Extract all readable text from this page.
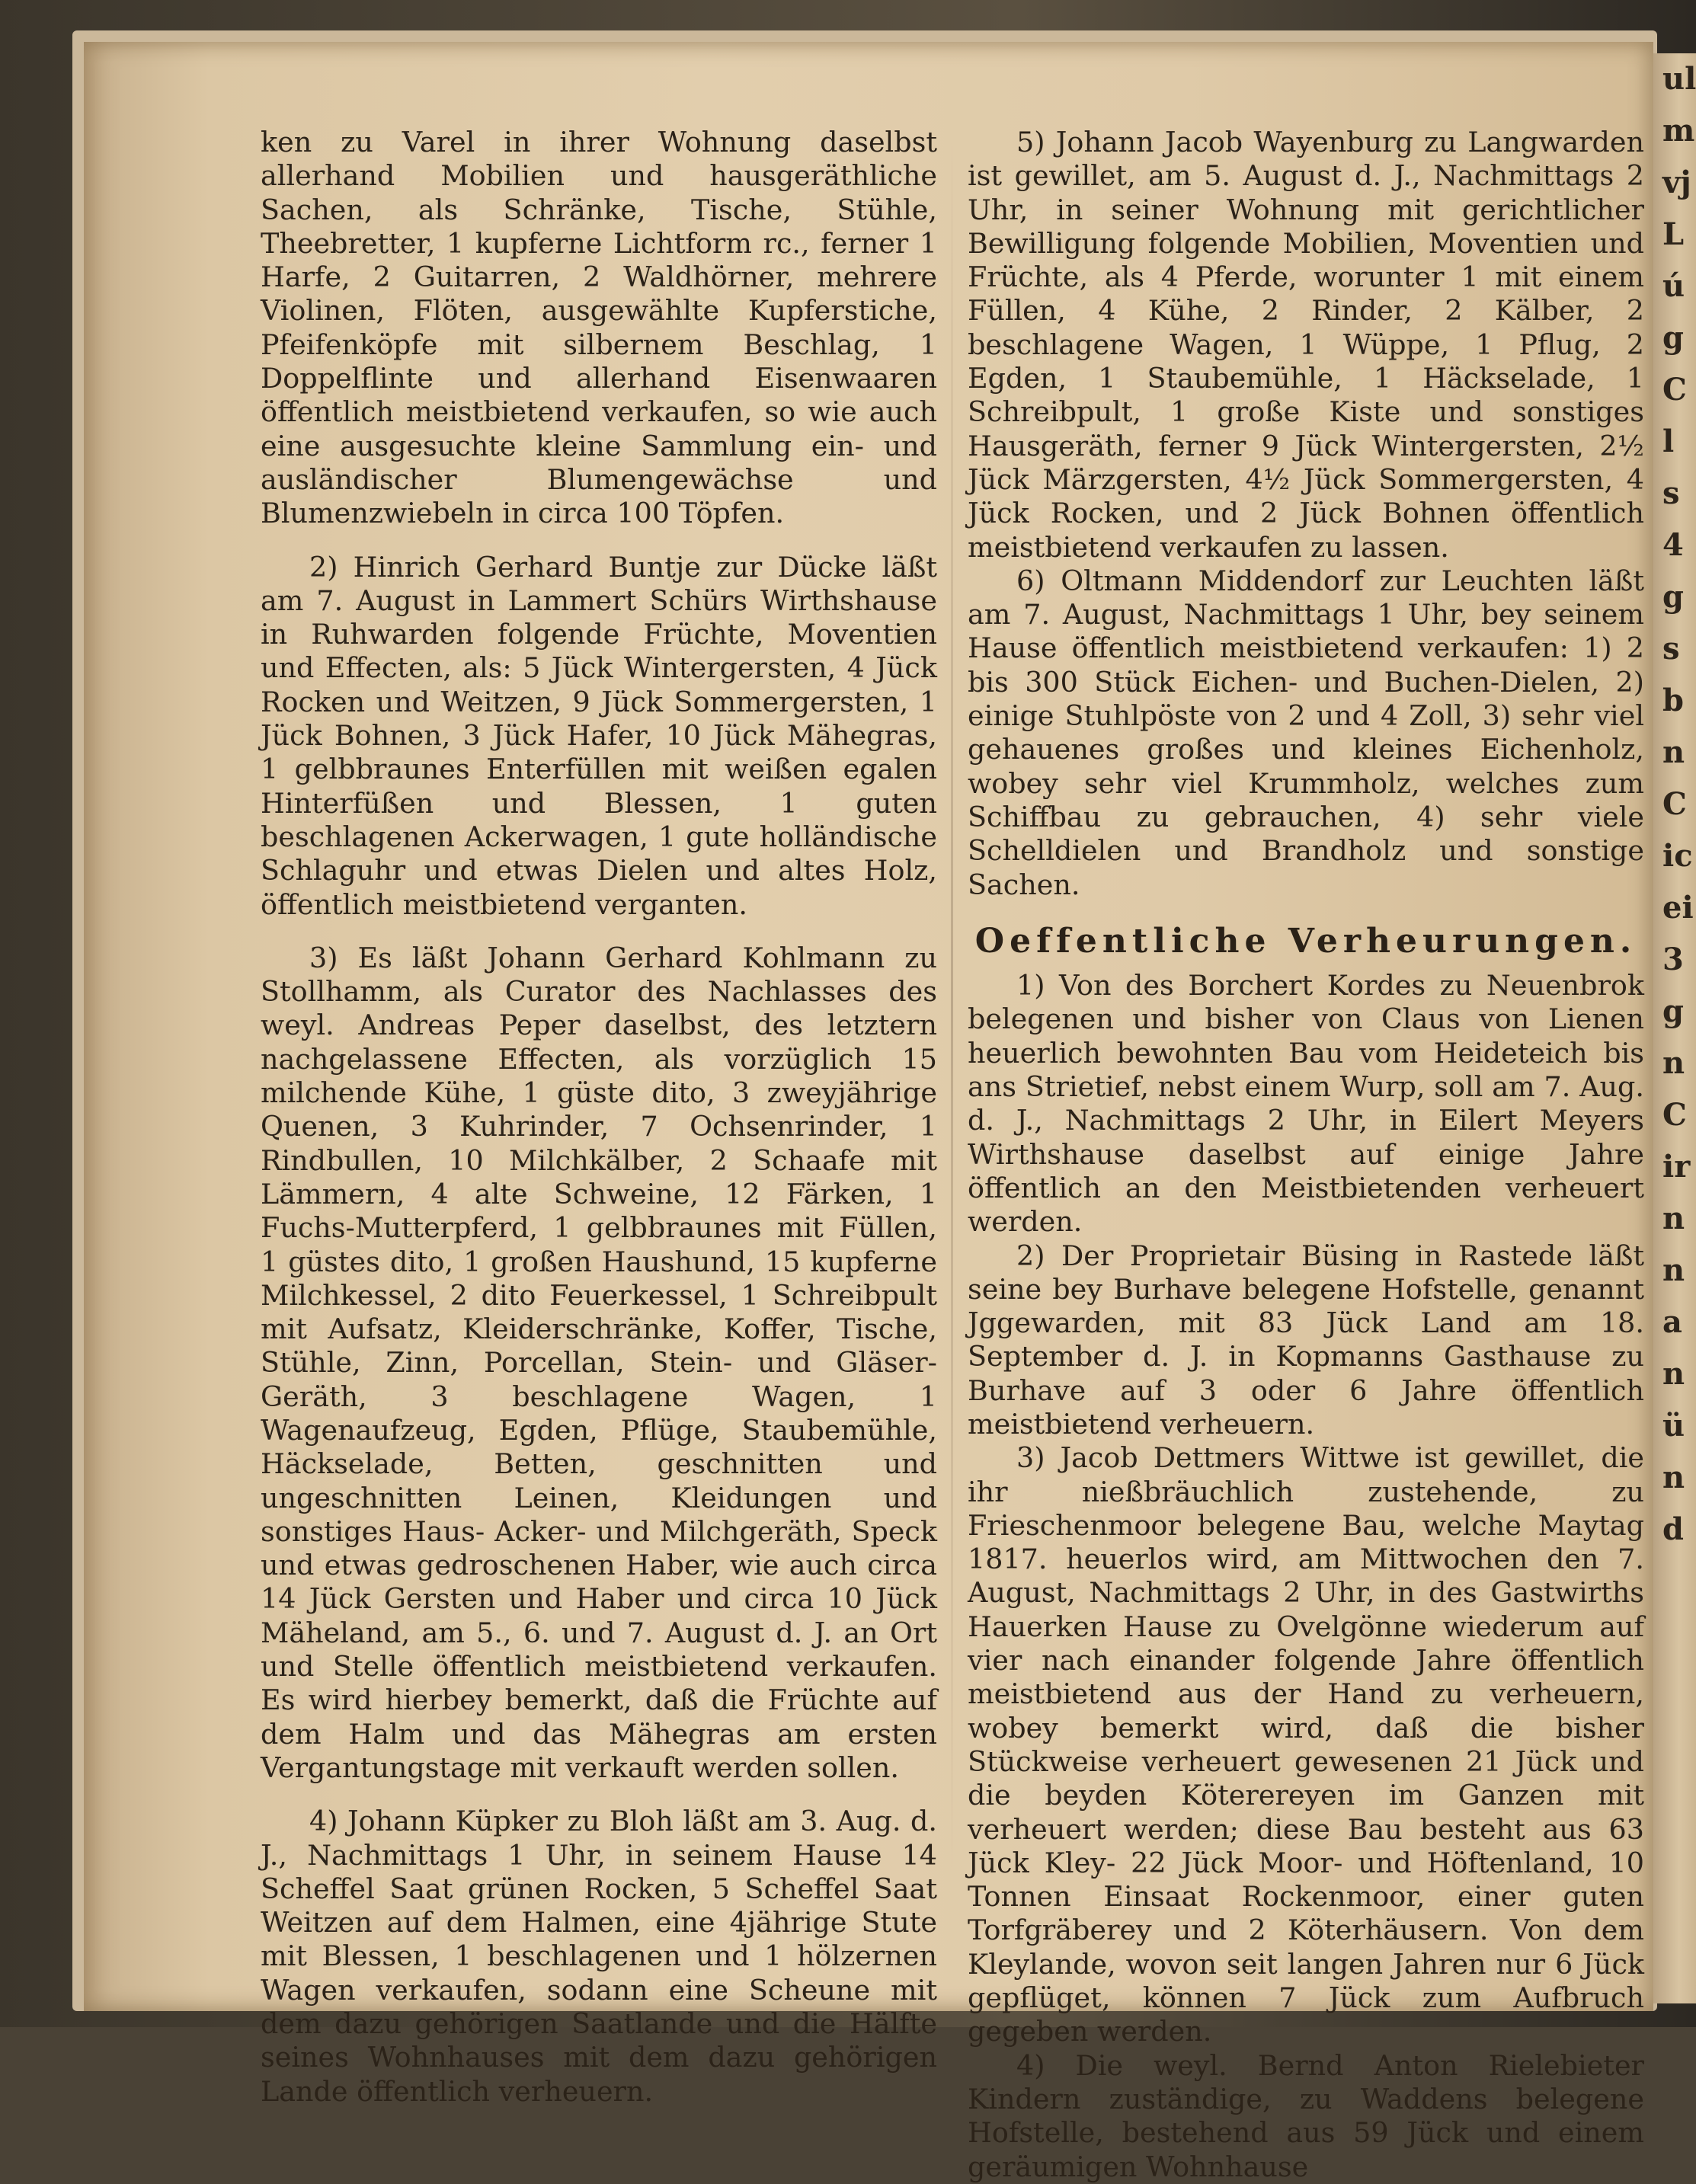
ul
m
vj
L
ú
g
C
l
s
4
g
s
b
n
C
ic
ei
3
g
n
C
ir
n
n
a
n
ü
n
d

ken zu Varel in ihrer Wohnung daselbst allerhand Mobilien und hausgeräthliche Sachen, als Schränke, Tische, Stühle, Theebretter, 1 kupferne Lichtform rc., ferner 1 Harfe, 2 Guitarren, 2 Waldhörner, mehrere Violinen, Flöten, ausgewählte Kupferstiche, Pfeifenköpfe mit silbernem Beschlag, 1 Doppelflinte und allerhand Eisenwaaren öffentlich meistbietend verkaufen, so wie auch eine ausgesuchte kleine Sammlung ein- und ausländischer Blumengewächse und Blumenzwiebeln in circa 100 Töpfen.

2) Hinrich Gerhard Buntje zur Dücke läßt am 7. August in Lammert Schürs Wirthshause in Ruhwarden folgende Früchte, Moventien und Effecten, als: 5 Jück Wintergersten, 4 Jück Rocken und Weitzen, 9 Jück Sommergersten, 1 Jück Bohnen, 3 Jück Hafer, 10 Jück Mähegras, 1 gelbbraunes Enterfüllen mit weißen egalen Hinterfüßen und Blessen, 1 guten beschlagenen Ackerwagen, 1 gute holländische Schlaguhr und etwas Dielen und altes Holz, öffentlich meistbietend verganten.

3) Es läßt Johann Gerhard Kohlmann zu Stollhamm, als Curator des Nachlasses des weyl. Andreas Peper daselbst, des letztern nachgelassene Effecten, als vorzüglich 15 milchende Kühe, 1 güste dito, 3 zweyjährige Quenen, 3 Kuhrinder, 7 Ochsenrinder, 1 Rindbullen, 10 Milchkälber, 2 Schaafe mit Lämmern, 4 alte Schweine, 12 Färken, 1 Fuchs-Mutterpferd, 1 gelbbraunes mit Füllen, 1 güstes dito, 1 großen Haushund, 15 kupferne Milchkessel, 2 dito Feuerkessel, 1 Schreibpult mit Aufsatz, Kleiderschränke, Koffer, Tische, Stühle, Zinn, Porcellan, Stein- und Gläser-Geräth, 3 beschlagene Wagen, 1 Wagenaufzeug, Egden, Pflüge, Staubemühle, Häckselade, Betten, geschnitten und ungeschnitten Leinen, Kleidungen und sonstiges Haus- Acker- und Milchgeräth, Speck und etwas gedroschenen Haber, wie auch circa 14 Jück Gersten und Haber und circa 10 Jück Mäheland, am 5., 6. und 7. August d. J. an Ort und Stelle öffentlich meistbietend verkaufen. Es wird hierbey bemerkt, daß die Früchte auf dem Halm und das Mähegras am ersten Vergantungstage mit verkauft werden sollen.

4) Johann Küpker zu Bloh läßt am 3. Aug. d. J., Nachmittags 1 Uhr, in seinem Hause 14 Scheffel Saat grünen Rocken, 5 Scheffel Saat Weitzen auf dem Halmen, eine 4jährige Stute mit Blessen, 1 beschlagenen und 1 hölzernen Wagen verkaufen, sodann eine Scheune mit dem dazu gehörigen Saatlande und die Hälfte seines Wohnhauses mit dem dazu gehörigen Lande öffentlich verheuern.

5) Johann Jacob Wayenburg zu Langwarden ist gewillet, am 5. August d. J., Nachmittags 2 Uhr, in seiner Wohnung mit gerichtlicher Bewilligung folgende Mobilien, Moventien und Früchte, als 4 Pferde, worunter 1 mit einem Füllen, 4 Kühe, 2 Rinder, 2 Kälber, 2 beschlagene Wagen, 1 Wüppe, 1 Pflug, 2 Egden, 1 Staubemühle, 1 Häckselade, 1 Schreibpult, 1 große Kiste und sonstiges Hausgeräth, ferner 9 Jück Wintergersten, 2½ Jück Märzgersten, 4½ Jück Sommergersten, 4 Jück Rocken, und 2 Jück Bohnen öffentlich meistbietend verkaufen zu lassen.

6) Oltmann Middendorf zur Leuchten läßt am 7. August, Nachmittags 1 Uhr, bey seinem Hause öffentlich meistbietend verkaufen: 1) 2 bis 300 Stück Eichen- und Buchen-Dielen, 2) einige Stuhlpöste von 2 und 4 Zoll, 3) sehr viel gehauenes großes und kleines Eichenholz, wobey sehr viel Krummholz, welches zum Schiffbau zu gebrauchen, 4) sehr viele Schelldielen und Brandholz und sonstige Sachen.

Oeffentliche Verheurungen.

1) Von des Borchert Kordes zu Neuenbrok belegenen und bisher von Claus von Lienen heuerlich bewohnten Bau vom Heideteich bis ans Strietief, nebst einem Wurp, soll am 7. Aug. d. J., Nachmittags 2 Uhr, in Eilert Meyers Wirthshause daselbst auf einige Jahre öffentlich an den Meistbietenden verheuert werden.

2) Der Proprietair Büsing in Rastede läßt seine bey Burhave belegene Hofstelle, genannt Jggewarden, mit 83 Jück Land am 18. September d. J. in Kopmanns Gasthause zu Burhave auf 3 oder 6 Jahre öffentlich meistbietend verheuern.

3) Jacob Dettmers Wittwe ist gewillet, die ihr nießbräuchlich zustehende, zu Frieschenmoor belegene Bau, welche Maytag 1817. heuerlos wird, am Mittwochen den 7. August, Nachmittags 2 Uhr, in des Gastwirths Hauerken Hause zu Ovelgönne wiederum auf vier nach einander folgende Jahre öffentlich meistbietend aus der Hand zu verheuern, wobey bemerkt wird, daß die bisher Stückweise verheuert gewesenen 21 Jück und die beyden Köterereyen im Ganzen mit verheuert werden; diese Bau besteht aus 63 Jück Kley- 22 Jück Moor- und Höftenland, 10 Tonnen Einsaat Rockenmoor, einer guten Torfgräberey und 2 Köterhäusern. Von dem Kleylande, wovon seit langen Jahren nur 6 Jück gepflüget, können 7 Jück zum Aufbruch gegeben werden.

4) Die weyl. Bernd Anton Rielebieter Kindern zuständige, zu Waddens belegene Hofstelle, bestehend aus 59 Jück und einem geräumigen Wohnhause
